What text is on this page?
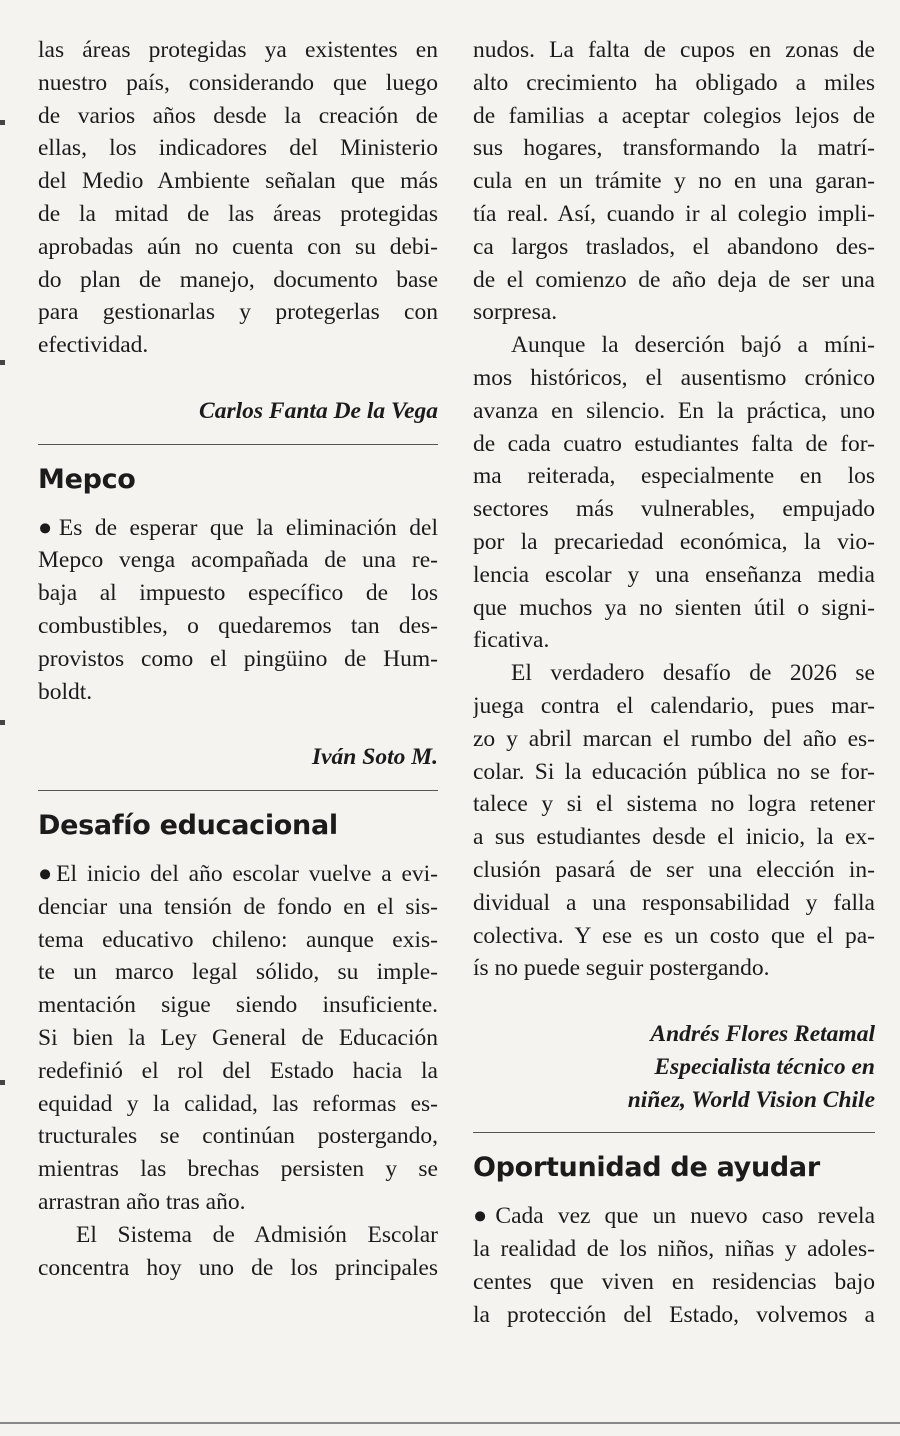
las áreas protegidas ya existentes en
nuestro país, considerando que luego
de varios años desde la creación de
ellas, los indicadores del Ministerio
del Medio Ambiente señalan que más
de la mitad de las áreas protegidas
aprobadas aún no cuenta con su debi-
do plan de manejo, documento base
para gestionarlas y protegerlas con
efectividad.
Carlos Fanta De la Vega
Mepco
●Es de esperar que la eliminación del
Mepco venga acompañada de una re-
baja al impuesto específico de los
combustibles, o quedaremos tan des-
provistos como el pingüino de Hum-
boldt.
Iván Soto M.
Desafío educacional
●El inicio del año escolar vuelve a evi-
denciar una tensión de fondo en el sis-
tema educativo chileno: aunque exis-
te un marco legal sólido, su imple-
mentación sigue siendo insuficiente.
Si bien la Ley General de Educación
redefinió el rol del Estado hacia la
equidad y la calidad, las reformas es-
tructurales se continúan postergando,
mientras las brechas persisten y se
arrastran año tras año.
El Sistema de Admisión Escolar
concentra hoy uno de los principales
nudos. La falta de cupos en zonas de
alto crecimiento ha obligado a miles
de familias a aceptar colegios lejos de
sus hogares, transformando la matrí-
cula en un trámite y no en una garan-
tía real. Así, cuando ir al colegio impli-
ca largos traslados, el abandono des-
de el comienzo de año deja de ser una
sorpresa.
Aunque la deserción bajó a míni-
mos históricos, el ausentismo crónico
avanza en silencio. En la práctica, uno
de cada cuatro estudiantes falta de for-
ma reiterada, especialmente en los
sectores más vulnerables, empujado
por la precariedad económica, la vio-
lencia escolar y una enseñanza media
que muchos ya no sienten útil o signi-
ficativa.
El verdadero desafío de 2026 se
juega contra el calendario, pues mar-
zo y abril marcan el rumbo del año es-
colar. Si la educación pública no se for-
talece y si el sistema no logra retener
a sus estudiantes desde el inicio, la ex-
clusión pasará de ser una elección in-
dividual a una responsabilidad y falla
colectiva. Y ese es un costo que el pa-
ís no puede seguir postergando.
Andrés Flores Retamal
Especialista técnico en
niñez, World Vision Chile
Oportunidad de ayudar
●Cada vez que un nuevo caso revela
la realidad de los niños, niñas y adoles-
centes que viven en residencias bajo
la protección del Estado, volvemos a
